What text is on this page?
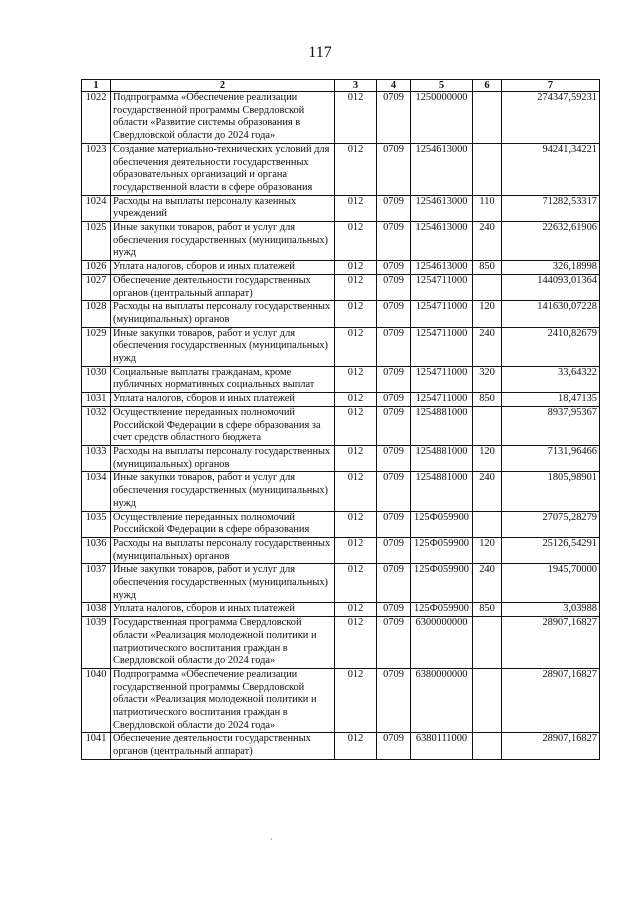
117
1	2	3	4	5	6	7
1022	Подпрограмма «Обеспечение реализации государственной программы Свердловской области «Развитие системы образования в Свердловской области до 2024 года»	012	0709	1250000000		274347,59231
1023	Создание материально-технических условий для обеспечения деятельности государственных образовательных организаций и органа государственной власти в сфере образования	012	0709	1254613000		94241,34221
1024	Расходы на выплаты персоналу казенных учреждений	012	0709	1254613000	110	71282,53317
1025	Иные закупки товаров, работ и услуг для обеспечения государственных (муниципальных) нужд	012	0709	1254613000	240	22632,61906
1026	Уплата налогов, сборов и иных платежей	012	0709	1254613000	850	326,18998
1027	Обеспечение деятельности государственных органов (центральный аппарат)	012	0709	1254711000		144093,01364
1028	Расходы на выплаты персоналу государственных (муниципальных) органов	012	0709	1254711000	120	141630,07228
1029	Иные закупки товаров, работ и услуг для обеспечения государственных (муниципальных) нужд	012	0709	1254711000	240	2410,82679
1030	Социальные выплаты гражданам, кроме публичных нормативных социальных выплат	012	0709	1254711000	320	33,64322
1031	Уплата налогов, сборов и иных платежей	012	0709	1254711000	850	18,47135
1032	Осуществление переданных полномочий Российской Федерации в сфере образования за счет средств областного бюджета	012	0709	1254881000		8937,95367
1033	Расходы на выплаты персоналу государственных (муниципальных) органов	012	0709	1254881000	120	7131,96466
1034	Иные закупки товаров, работ и услуг для обеспечения государственных (муниципальных) нужд	012	0709	1254881000	240	1805,98901
1035	Осуществление переданных полномочий Российской Федерации в сфере образования	012	0709	125Ф059900		27075,28279
1036	Расходы на выплаты персоналу государственных (муниципальных) органов	012	0709	125Ф059900	120	25126,54291
1037	Иные закупки товаров, работ и услуг для обеспечения государственных (муниципальных) нужд	012	0709	125Ф059900	240	1945,70000
1038	Уплата налогов, сборов и иных платежей	012	0709	125Ф059900	850	3,03988
1039	Государственная программа Свердловской области «Реализация молодежной политики и патриотического воспитания граждан в Свердловской области до 2024 года»	012	0709	6300000000		28907,16827
1040	Подпрограмма «Обеспечение реализации государственной программы Свердловской области «Реализация молодежной политики и патриотического воспитания граждан в Свердловской области до 2024 года»	012	0709	6380000000		28907,16827
1041	Обеспечение деятельности государственных органов (центральный аппарат)	012	0709	6380111000		28907,16827
·
